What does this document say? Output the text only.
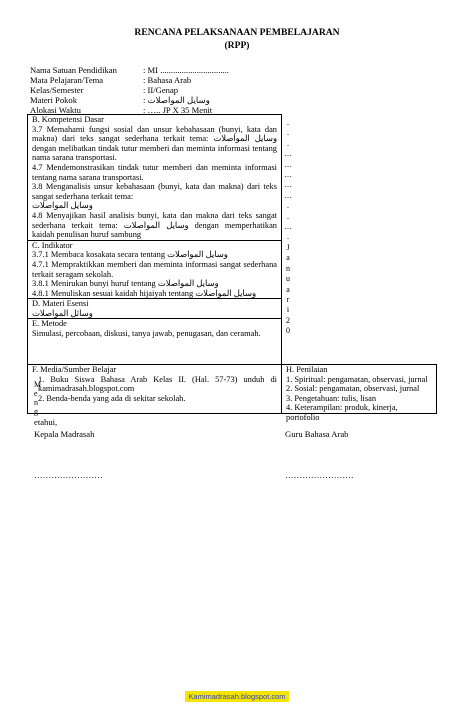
RENCANA PELAKSANAAN PEMBELAJARAN
(RPP)
Nama Satuan Pendidikan	: MI ................................
Mata Pelajaran/Tema	: Bahasa Arab
Kelas/Semester	: II/Genap
Materi Pokok	: وسايل المواصلات
Alokasi Waktu	: ….. JP X 35 Menit
B. Kompetensi Dasar
3.7 Memahami fungsi sosial dan unsur kebahasaan (bunyi, kata dan makna) dari teks sangat sederhana terkait tema: وسايل المواصلات dengan melibatkan tindak tutur memberi dan meminta informasi tentang nama sarana transportasi.
4.7 Mendemonstrasikan tindak tutur memberi dan meminta informasi tentang nama sarana transportasi.
3.8 Menganalisis unsur kebahasaan (bunyi, kata dan makna) dari teks sangat sederhana terkait tema:
وسايل المواصلات
4.8 Menyajikan hasil analisis bunyi, kata dan makna dari teks sangat sederhana terkait tema: وسايل المواصلات dengan memperhatikan kaidah penulisan huruf sambung
C. Indikator
3.7.1 Membaca kosakata secara tentang وسايل المواصلات
4.7.1 Mempraktikkan memberi dan meminta informasi sangat sederhana terkait seragam sekolah.
3.8.1 Menirukan bunyi huruf tentang وسايل المواصلات
4.8.1 Menuliskan sesuai kaidah hijaiyah tentang وسايل المواصلات
D. Materi Esensi
وسائل المواصلات
E. Metode
Simulasi, percobaan, diskusi, tanya jawab, penugasan, dan ceramah.
.
.
.
…
…
…
…
…
.
.
…
.
J
a
n
u
a
r
i
2
0
F. Media/Sumber Belajar
1. Buku Siswa Bahasa Arab Kelas II. (Hal. 57-73) unduh di kamimadrasah.blogspot.com
2. Benda-benda yang ada di sekitar sekolah.
H. Penilaian
1. Spiritual: pengamatan, observasi, jurnal
2. Sosial: pengamatan, observasi, jurnal
3. Pengetahuan: tulis, lisan
4. Keterampilan: produk, kinerja, portofolio
M
e
n
g
etahui,
Kepala Madrasah	Guru Bahasa Arab
……………………	……………………
Kamimadrasah.blogspot.com
